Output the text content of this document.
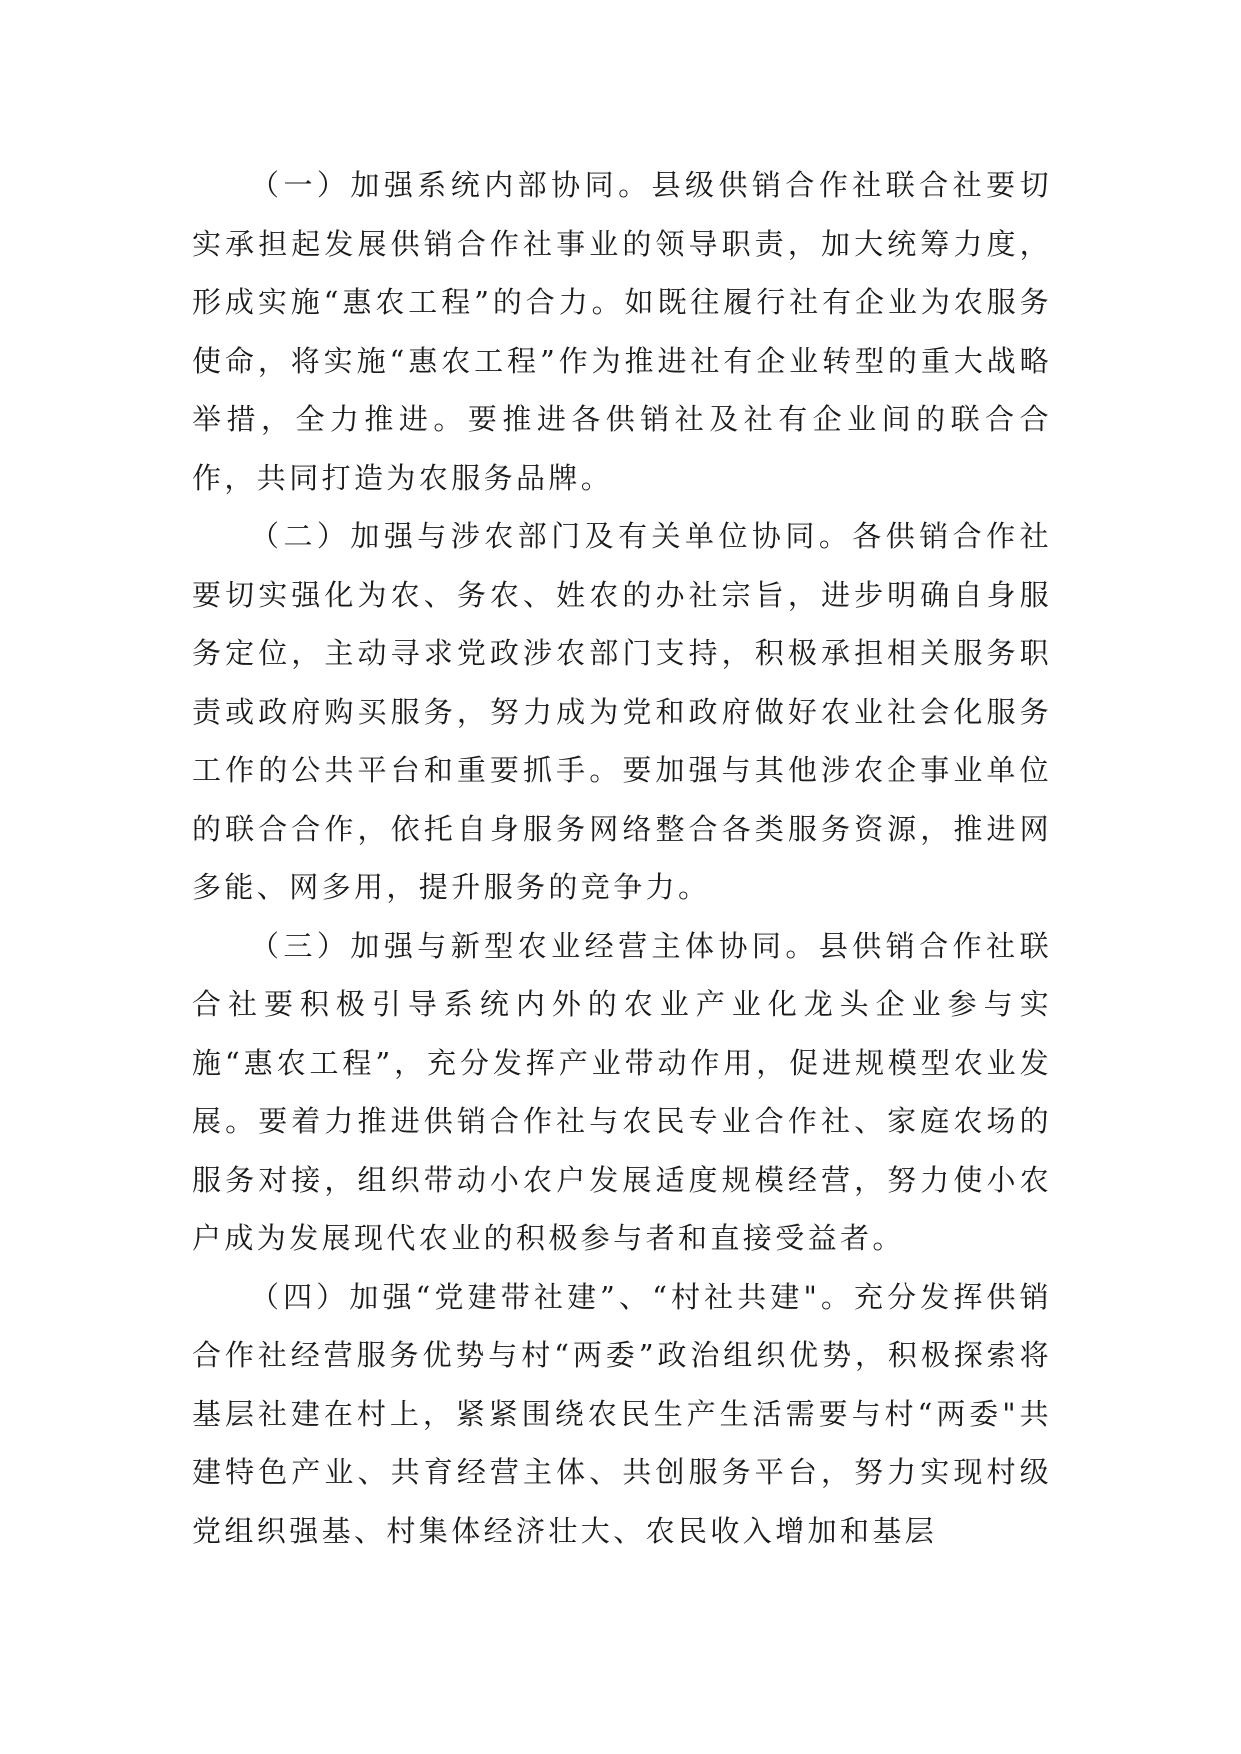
（一）加强系统内部协同。县级供销合作社联合社要切实承担起发展供销合作社事业的领导职责，加大统筹力度，形成实施“惠农工程”的合力。如既往履行社有企业为农服务使命，将实施“惠农工程”作为推进社有企业转型的重大战略举措，全力推进。要推进各供销社及社有企业间的联合合作，共同打造为农服务品牌。

（二）加强与涉农部门及有关单位协同。各供销合作社要切实强化为农、务农、姓农的办社宗旨，进步明确自身服务定位，主动寻求党政涉农部门支持，积极承担相关服务职责或政府购买服务，努力成为党和政府做好农业社会化服务工作的公共平台和重要抓手。要加强与其他涉农企事业单位的联合合作，依托自身服务网络整合各类服务资源，推进网多能、网多用，提升服务的竞争力。

（三）加强与新型农业经营主体协同。县供销合作社联合社要积极引导系统内外的农业产业化龙头企业参与实施“惠农工程”，充分发挥产业带动作用，促进规模型农业发展。要着力推进供销合作社与农民专业合作社、家庭农场的服务对接，组织带动小农户发展适度规模经营，努力使小农户成为发展现代农业的积极参与者和直接受益者。

（四）加强“党建带社建”、“村社共建"。充分发挥供销合作社经营服务优势与村“两委”政治组织优势，积极探索将基层社建在村上，紧紧围绕农民生产生活需要与村“两委"共建特色产业、共育经营主体、共创服务平台，努力实现村级党组织强基、村集体经济壮大、农民收入增加和基层
